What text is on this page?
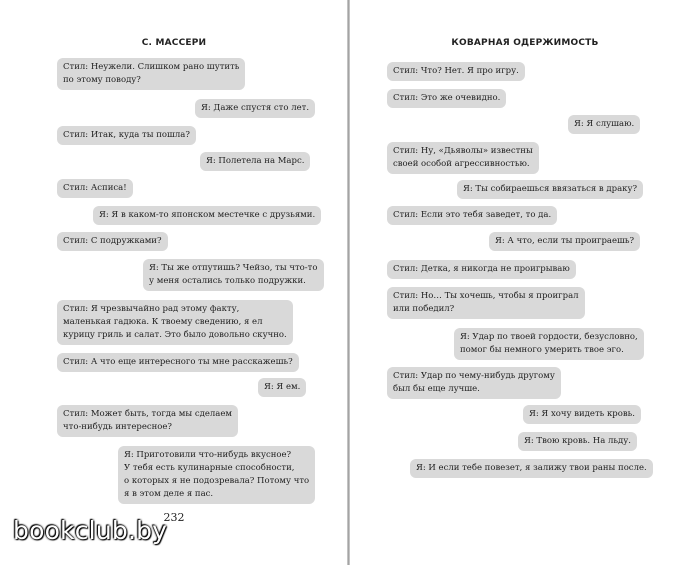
С. МАССЕРИ
Стил: Неужели. Слишком рано шутить
по этому поводу?
Я: Даже спустя сто лет.
Стил: Итак, куда ты пошла?
Я: Полетела на Марс.
Стил: Асписа!
Я: Я в каком-то японском местечке с друзьями.
Стил: С подружками?
Я: Ты же отпутишь? Чейзо, ты что-то
у меня остались только подружки.
Стил: Я чрезвычайно рад этому факту,
маленькая гадюка. К твоему сведению, я ел
курицу гриль и салат. Это было довольно скучно.
Стил: А что еще интересного ты мне расскажешь?
Я: Я ем.
Стил: Может быть, тогда мы сделаем
что-нибудь интересное?
Я: Приготовили что-нибудь вкусное?
У тебя есть кулинарные способности,
о которых я не подозревала? Потому что
я в этом деле я пас.
232
КОВАРНАЯ ОДЕРЖИМОСТЬ
Стил: Что? Нет. Я про игру.
Стил: Это же очевидно.
Я: Я слушаю.
Стил: Ну, «Дьяволы» известны
своей особой агрессивностью.
Я: Ты собираешься ввязаться в драку?
Стил: Если это тебя заведет, то да.
Я: А что, если ты проиграешь?
Стил: Детка, я никогда не проигрываю
Стил: Но… Ты хочешь, чтобы я проиграл
или победил?
Я: Удар по твоей гордости, безусловно,
помог бы немного умерить твое эго.
Стил: Удар по чему-нибудь другому
был бы еще лучше.
Я: Я хочу видеть кровь.
Я: Твою кровь. На льду.
Я: И если тебе повезет, я залижу твои раны после.
bookclub.by
